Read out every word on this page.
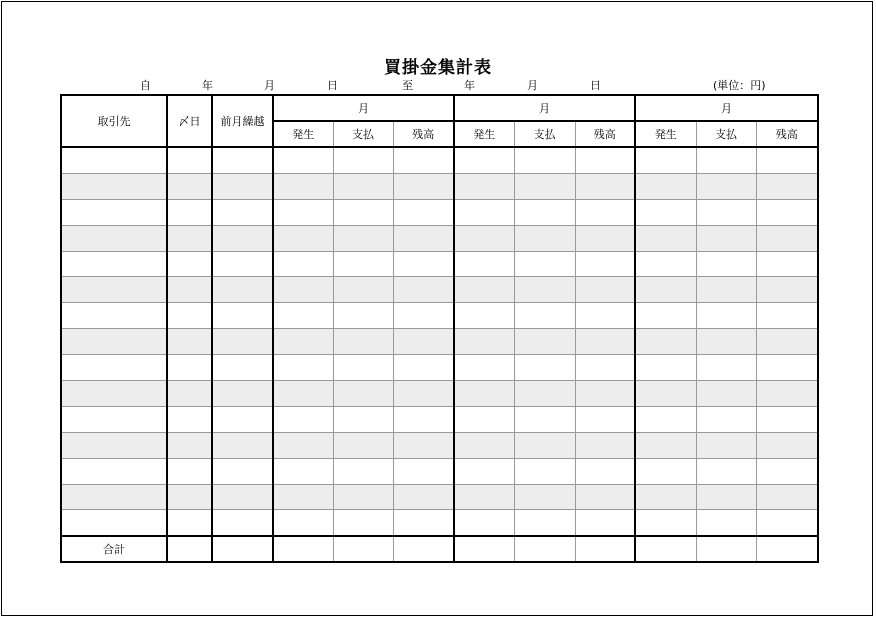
買掛金集計表
自	年	月	日	至	年	月	日	(単位：円)
取引先	〆日	前月繰越	月			月			月		
			発生	支払	残高	発生	支払	残高	発生	支払	残高

合計											
